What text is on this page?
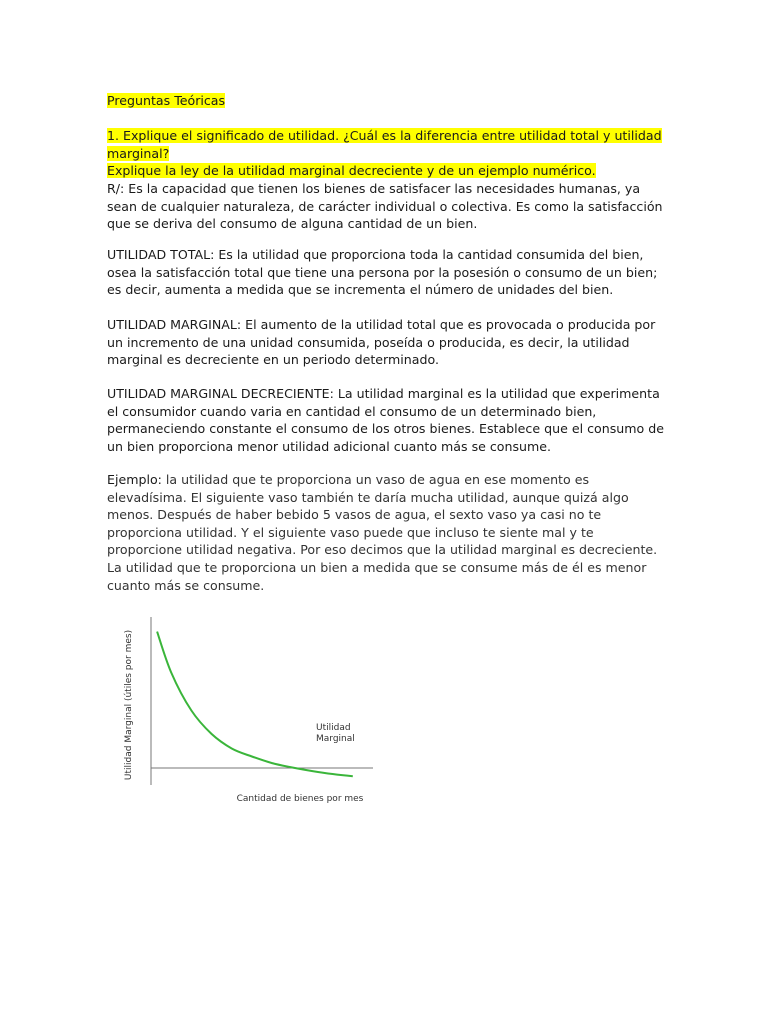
Preguntas Teóricas
1. Explique el significado de utilidad. ¿Cuál es la diferencia entre utilidad total y utilidad marginal?
Explique la ley de la utilidad marginal decreciente y de un ejemplo numérico.
R/: Es la capacidad que tienen los bienes de satisfacer las necesidades humanas, ya sean de cualquier naturaleza, de carácter individual o colectiva. Es como la satisfacción que se deriva del consumo de alguna cantidad de un bien.
UTILIDAD TOTAL: Es la utilidad que proporciona toda la cantidad consumida del bien, osea la satisfacción total que tiene una persona por la posesión o consumo de un bien; es decir, aumenta a medida que se incrementa el número de unidades del bien.
UTILIDAD MARGINAL: El aumento de la utilidad total que es provocada o producida por un incremento de una unidad consumida, poseída o producida, es decir, la utilidad marginal es decreciente en un periodo determinado.
UTILIDAD MARGINAL DECRECIENTE: La utilidad marginal es la utilidad que experimenta el consumidor cuando varia en cantidad el consumo de un determinado bien, permaneciendo constante el consumo de los otros bienes. Establece que el consumo de un bien proporciona menor utilidad adicional cuanto más se consume.
Ejemplo: la utilidad que te proporciona un vaso de agua en ese momento es elevadísima. El siguiente vaso también te daría mucha utilidad, aunque quizá algo menos. Después de haber bebido 5 vasos de agua, el sexto vaso ya casi no te proporciona utilidad. Y el siguiente vaso puede que incluso te siente mal y te proporcione utilidad negativa. Por eso decimos que la utilidad marginal es decreciente. La utilidad que te proporciona un bien a medida que se consume más de él es menor cuanto más se consume.
Utilidad Marginal (útiles por mes)
Cantidad de bienes por mes
Utilidad
Marginal
